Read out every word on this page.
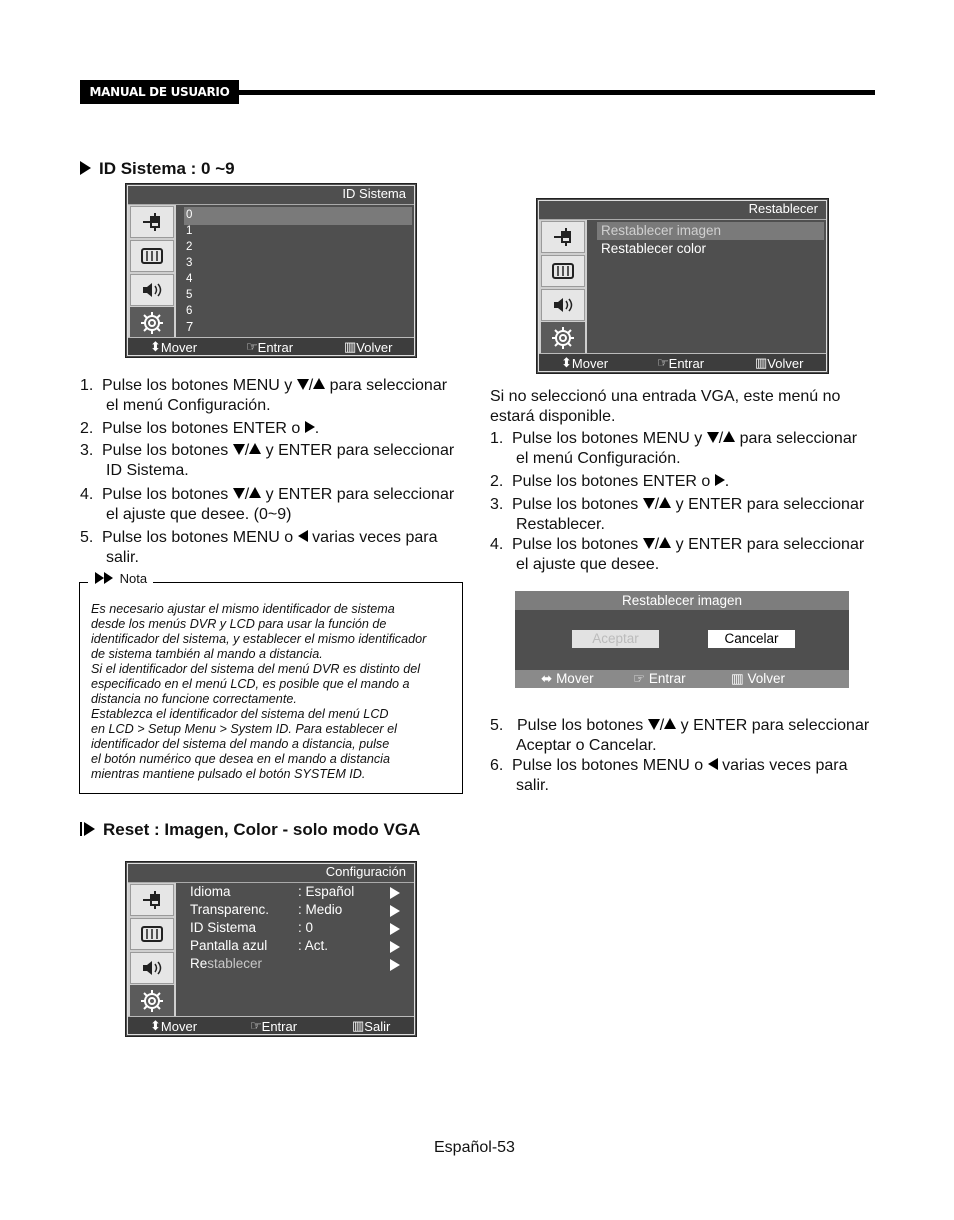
MANUAL DE USUARIO
ID Sistema : 0 ~9
ID Sistema
0
1
2
3
4
5
6
7
⬍ Mover	☞ Entrar	▥ Volver
1. Pulse los botones MENU y / para seleccionar
el menú Configuración.
2. Pulse los botones ENTER o .
3. Pulse los botones / y ENTER para seleccionar
ID Sistema.
4. Pulse los botones / y ENTER para seleccionar
el ajuste que desee. (0~9)
5. Pulse los botones MENU o  varias veces para
salir.
Nota
Es necesario ajustar el mismo identificador de sistema
desde los menús DVR y LCD para usar la función de
identificador del sistema, y establecer el mismo identificador
de sistema también al mando a distancia.
Si el identificador del sistema del menú DVR es distinto del
especificado en el menú LCD, es posible que el mando a
distancia no funcione correctamente.
Establezca el identificador del sistema del menú LCD
en LCD > Setup Menu > System ID. Para establecer el
identificador del sistema del mando a distancia, pulse
el botón numérico que desea en el mando a distancia
mientras mantiene pulsado el botón SYSTEM ID.
Reset : Imagen, Color - solo modo VGA
Configuración
Idioma	: Español
Transparenc. : Medio
ID Sistema	: 0
Pantalla azul : Act.
Restablecer
⬍ Mover	☞ Entrar	▥ Salir
Restablecer
Restablecer imagen
Restablecer color
⬍ Mover	☞ Entrar	▥ Volver
Si no seleccionó una entrada VGA, este menú no
estará disponible.
1. Pulse los botones MENU y / para seleccionar
el menú Configuración.
2. Pulse los botones ENTER o .
3. Pulse los botones / y ENTER para seleccionar
Restablecer.
4. Pulse los botones / y ENTER para seleccionar
el ajuste que desee.
Restablecer imagen
Aceptar	Cancelar
⬌ Mover	☞ Entrar	▥ Volver
5. Pulse los botones / y ENTER para seleccionar
Aceptar o Cancelar.
6. Pulse los botones MENU o  varias veces para
salir.
Español-53
